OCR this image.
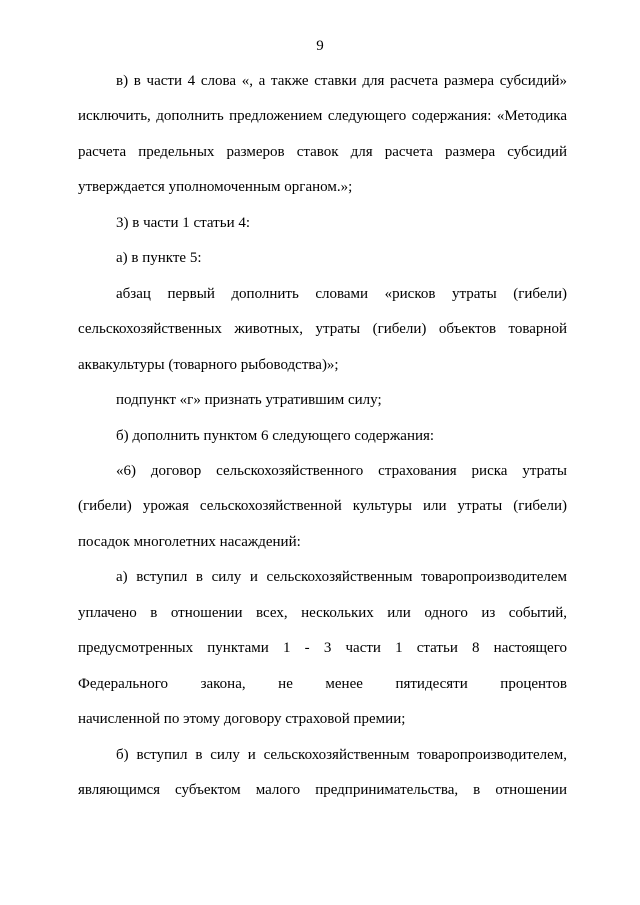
9
в) в части 4 слова «, а также ставки для расчета размера субсидий»
исключить, дополнить предложением следующего содержания: «Методика
расчета предельных размеров ставок для расчета размера субсидий
утверждается уполномоченным органом.»;
3) в части 1 статьи 4:
а) в пункте 5:
абзац первый дополнить словами «рисков утраты (гибели)
сельскохозяйственных животных, утраты (гибели) объектов товарной
аквакультуры (товарного рыбоводства)»;
подпункт «г» признать утратившим силу;
б) дополнить пунктом 6 следующего содержания:
«6) договор сельскохозяйственного страхования риска утраты
(гибели) урожая сельскохозяйственной культуры или утраты (гибели)
посадок многолетних насаждений:
а) вступил в силу и сельскохозяйственным товаропроизводителем
уплачено в отношении всех, нескольких или одного из событий,
предусмотренных пунктами 1 - 3 части 1 статьи 8 настоящего
Федерального закона, не менее пятидесяти процентов
начисленной по этому договору страховой премии;
б) вступил в силу и сельскохозяйственным товаропроизводителем,
являющимся субъектом малого предпринимательства, в отношении
